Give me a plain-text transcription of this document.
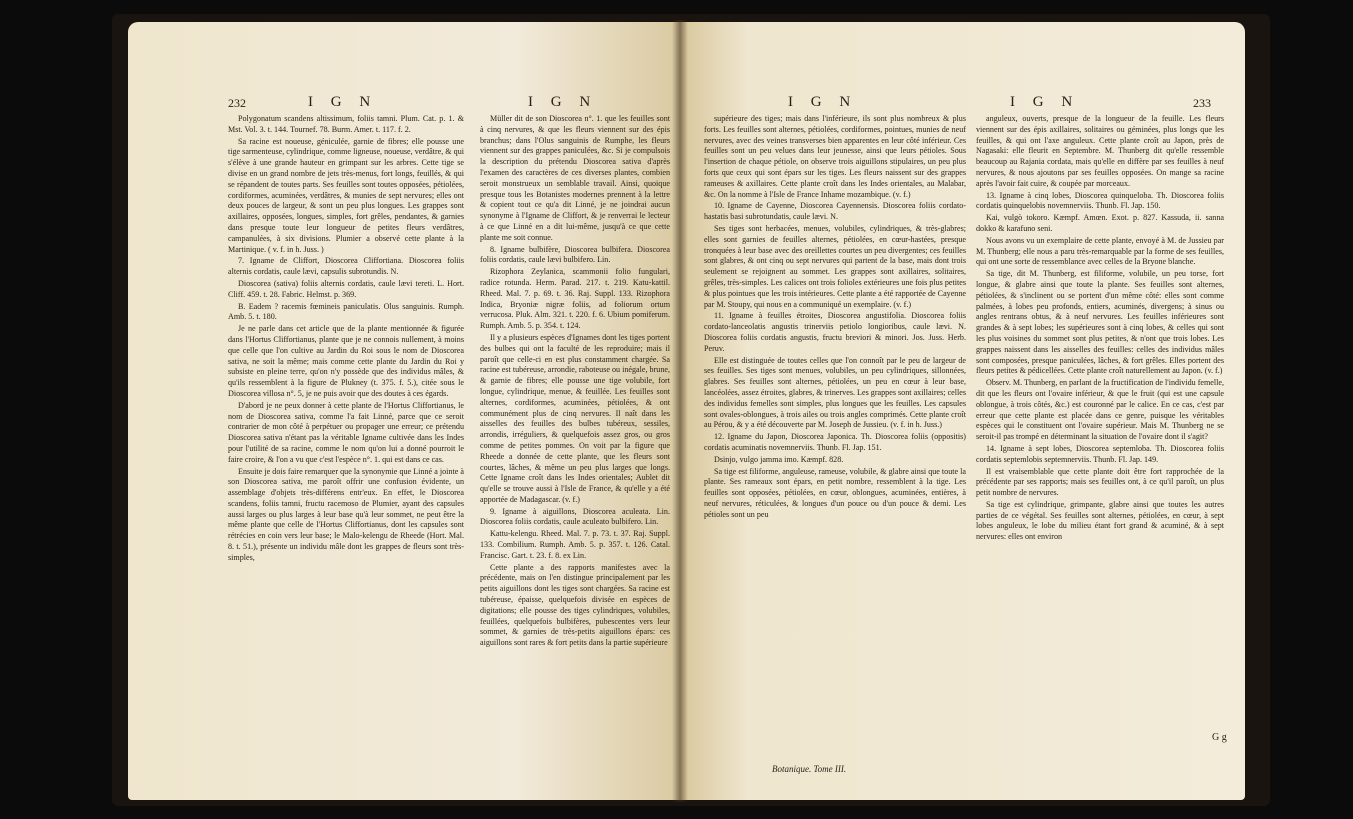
232	I G N	I G N

Polygonatum scandens altissimum, foliis tamni. Plum. Cat. p. 1. & Mst. Vol. 3. t. 144. Tournef. 78. Burm. Amer. t. 117. f. 2.

Sa racine est noueuse, géniculée, garnie de fibres; elle pousse une tige sarmenteuse, cylindrique, comme ligneuse, noueuse, verdâtre, & qui s'élève à une grande hauteur en grimpant sur les arbres. Cette tige se divise en un grand nombre de jets très-menus, fort longs, feuillés, & qui se répandent de toutes parts. Ses feuilles sont toutes opposées, pétiolées, cordiformes, acuminées, verdâtres, & munies de sept nervures; elles ont deux pouces de largeur, & sont un peu plus longues. Les grappes sont axillaires, opposées, longues, simples, fort grêles, pendantes, & garnies dans presque toute leur longueur de petites fleurs verdâtres, campanulées, à six divisions. Plumier a observé cette plante à la Martinique. ( v. f. in h. Juss. )

7. Igname de Cliffort, Dioscorea Cliffortiana. Dioscorea foliis alternis cordatis, caule lævi, capsulis subrotundis. N.

Dioscorea (sativa) foliis alternis cordatis, caule lævi tereti. L. Hort. Cliff. 459. t. 28. Fabric. Helmst. p. 369.

B. Eadem ? racemis fœmineis paniculatis. Olus sanguinis. Rumph. Amb. 5. t. 180.

Je ne parle dans cet article que de la plante mentionnée & figurée dans l'Hortus Cliffortianus, plante que je ne connois nullement, à moins que celle que l'on cultive au Jardin du Roi sous le nom de Dioscorea sativa, ne soit la même; mais comme cette plante du Jardin du Roi y subsiste en pleine terre, qu'on n'y possède que des individus mâles, & qu'ils ressemblent à la figure de Plukney (t. 375. f. 5.), citée sous le Dioscorea villosa n°. 5, je ne puis avoir que des doutes à ces égards.

D'abord je ne peux donner à cette plante de l'Hortus Cliffortianus, le nom de Dioscorea sativa, comme l'a fait Linné, parce que ce seroit contrarier de mon côté à perpétuer ou propager une erreur; ce prétendu Dioscorea sativa n'étant pas la véritable Igname cultivée dans les Indes pour l'utilité de sa racine, comme le nom qu'on lui a donné pourroit le faire croire, & l'on a vu que c'est l'espèce n°. 1. qui est dans ce cas.

Ensuite je dois faire remarquer que la synonymie que Linné a jointe à son Dioscorea sativa, me paroît offrir une confusion évidente, un assemblage d'objets très-différens entr'eux. En effet, le Dioscorea scandens, foliis tamni, fructu racemoso de Plumier, ayant des capsules aussi larges ou plus larges à leur base qu'à leur sommet, ne peut être la même plante que celle de l'Hortus Cliffortianus, dont les capsules sont rétrécies en coin vers leur base; le Malo-kelengu de Rheede (Hort. Mal. 8. t. 51.), présente un individu mâle dont les grappes de fleurs sont très-simples,

Müller dit de son Dioscorea n°. 1. que les feuilles sont à cinq nervures, & que les fleurs viennent sur des épis branchus; dans l'Olus sanguinis de Rumphe, les fleurs viennent sur des grappes paniculées, &c. Si je compulsois la description du prétendu Dioscorea sativa d'après l'examen des caractères de ces diverses plantes, combien seroit monstrueux un semblable travail. Ainsi, quoique presque tous les Botanistes modernes prennent à la lettre & copient tout ce qu'a dit Linné, je ne joindrai aucun synonyme à l'Igname de Cliffort, & je renverrai le lecteur à ce que Linné en a dit lui-même, jusqu'à ce que cette plante me soit connue.

8. Igname bulbifère, Dioscorea bulbifera. Dioscorea foliis cordatis, caule lævi bulbifero. Lin.

Rizophora Zeylanica, scammonii folio fungulari, radice rotunda. Herm. Parad. 217. t. 219. Katu-kattil. Rheed. Mal. 7. p. 69. t. 36. Raj. Suppl. 133. Rizophora Indica, Bryoniæ nigræ foliis, ad foliorum ortum verrucosa. Pluk. Alm. 321. t. 220. f. 6. Ubium pomiferum. Rumph. Amb. 5. p. 354. t. 124.

Il y a plusieurs espèces d'Ignames dont les tiges portent des bulbes qui ont la faculté de les reproduire; mais il paroît que celle-ci en est plus constamment chargée. Sa racine est tubéreuse, arrondie, raboteuse ou inégale, brune, & garnie de fibres; elle pousse une tige volubile, fort longue, cylindrique, menue, & feuillée. Les feuilles sont alternes, cordiformes, acuminées, pétiolées, & ont communément plus de cinq nervures. Il naît dans les aisselles des feuilles des bulbes tubéreux, sessiles, arrondis, irréguliers, & quelquefois assez gros, ou gros comme de petites pommes. On voit par la figure que Rheede a donnée de cette plante, que les fleurs sont courtes, lâches, & même un peu plus larges que longs. Cette Igname croît dans les Indes orientales; Aublet dit qu'elle se trouve aussi à l'Isle de France, & qu'elle y a été apportée de Madagascar. (v. f.)

9. Igname à aiguillons, Dioscorea aculeata. Lin. Dioscorea foliis cordatis, caule aculeato bulbifero. Lin.

Kattu-kelengu. Rheed. Mal. 7. p. 73. t. 37. Raj. Suppl. 133. Combilium. Rumph. Amb. 5. p. 357. t. 126. Catal. Francisc. Gart. t. 23. f. 8. ex Lin.

Cette plante a des rapports manifestes avec la précédente, mais on l'en distingue principalement par les petits aiguillons dont les tiges sont chargées. Sa racine est tubéreuse, épaisse, quelquefois divisée en espèces de digitations; elle pousse des tiges cylindriques, volubiles, feuillées, quelquefois bulbifères, pubescentes vers leur sommet, & garnies de très-petits aiguillons épars: ces aiguillons sont rares & fort petits dans la partie supérieure

I G N	I G N	233

supérieure des tiges; mais dans l'inférieure, ils sont plus nombreux & plus forts. Les feuilles sont alternes, pétiolées, cordiformes, pointues, munies de neuf nervures, avec des veines transverses bien apparentes en leur côté inférieur. Ces feuilles sont un peu velues dans leur jeunesse, ainsi que leurs pétioles. Sous l'insertion de chaque pétiole, on observe trois aiguillons stipulaires, un peu plus forts que ceux qui sont épars sur les tiges. Les fleurs naissent sur des grappes rameuses & axillaires. Cette plante croît dans les Indes orientales, au Malabar, &c. On la nomme à l'Isle de France Inhame mozambique. (v. f.)

10. Igname de Cayenne, Dioscorea Cayennensis. Dioscorea foliis cordato-hastatis basi subrotundatis, caule lævi. N.

Ses tiges sont herbacées, menues, volubiles, cylindriques, & très-glabres; elles sont garnies de feuilles alternes, pétiolées, en cœur-hastées, presque tronquées à leur base avec des oreillettes courtes un peu divergentes; ces feuilles sont glabres, & ont cinq ou sept nervures qui partent de la base, mais dont trois seulement se rejoignent au sommet. Les grappes sont axillaires, solitaires, grêles, très-simples. Les calices ont trois folioles extérieures une fois plus petites & plus pointues que les trois intérieures. Cette plante a été rapportée de Cayenne par M. Stoupy, qui nous en a communiqué un exemplaire. (v. f.)

11. Igname à feuilles étroites, Dioscorea angustifolia. Dioscorea foliis cordato-lanceolatis angustis trinerviis petiolo longioribus, caule lævi. N. Dioscorea foliis cordatis angustis, fructu breviori & minori. Jos. Juss. Herb. Peruv.

Elle est distinguée de toutes celles que l'on connoît par le peu de largeur de ses feuilles. Ses tiges sont menues, volubiles, un peu cylindriques, sillonnées, glabres. Ses feuilles sont alternes, pétiolées, un peu en cœur à leur base, lancéolées, assez étroites, glabres, & trinerves. Les grappes sont axillaires; celles des individus femelles sont simples, plus longues que les feuilles. Les capsules sont ovales-oblongues, à trois ailes ou trois angles comprimés. Cette plante croît au Pérou, & y a été découverte par M. Joseph de Jussieu. (v. f. in h. Juss.)

12. Igname du Japon, Dioscorea Japonica. Th. Dioscorea foliis (oppositis) cordatis acuminatis novemnerviis. Thunb. Fl. Jap. 151.

Dsinjo, vulgo jamma imo. Kæmpf. 828.

Sa tige est filiforme, anguleuse, rameuse, volubile, & glabre ainsi que toute la plante. Ses rameaux sont épars, en petit nombre, ressemblent à la tige. Les feuilles sont opposées, pétiolées, en cœur, oblongues, acuminées, entières, à neuf nervures, réticulées, & longues d'un pouce ou d'un pouce & demi. Les pétioles sont un peu

anguleux, ouverts, presque de la longueur de la feuille. Les fleurs viennent sur des épis axillaires, solitaires ou géminées, plus longs que les feuilles, & qui ont l'axe anguleux. Cette plante croît au Japon, près de Nagasaki: elle fleurit en Septembre. M. Thunberg dit qu'elle ressemble beaucoup au Rajania cordata, mais qu'elle en diffère par ses feuilles à neuf nervures, & nous ajoutons par ses feuilles opposées. On mange sa racine après l'avoir fait cuire, & coupée par morceaux.

13. Igname à cinq lobes, Dioscorea quinqueloba. Th. Dioscorea foliis cordatis quinquelobis novemnerviis. Thunb. Fl. Jap. 150.

Kai, vulgò tokoro. Kæmpf. Amœn. Exot. p. 827. Kassuda, ii. sanna dokko & karafuno seni.

Nous avons vu un exemplaire de cette plante, envoyé à M. de Jussieu par M. Thunberg; elle nous a paru très-remarquable par la forme de ses feuilles, qui ont une sorte de ressemblance avec celles de la Bryone blanche.

Sa tige, dit M. Thunberg, est filiforme, volubile, un peu torse, fort longue, & glabre ainsi que toute la plante. Ses feuilles sont alternes, pétiolées, & s'inclinent ou se portent d'un même côté: elles sont comme palmées, à lobes peu profonds, entiers, acuminés, divergens; à sinus ou angles rentrans obtus, & à neuf nervures. Les feuilles inférieures sont grandes & à sept lobes; les supérieures sont à cinq lobes, & celles qui sont les plus voisines du sommet sont plus petites, & n'ont que trois lobes. Les grappes naissent dans les aisselles des feuilles: celles des individus mâles sont composées, presque paniculées, lâches, & fort grêles. Elles portent des fleurs petites & pédicellées. Cette plante croît naturellement au Japon. (v. f.)

Observ. M. Thunberg, en parlant de la fructification de l'individu femelle, dit que les fleurs ont l'ovaire inférieur, & que le fruit (qui est une capsule oblongue, à trois côtés, &c.) est couronné par le calice. En ce cas, c'est par erreur que cette plante est placée dans ce genre, puisque les véritables espèces qui le constituent ont l'ovaire supérieur. Mais M. Thunberg ne se seroit-il pas trompé en déterminant la situation de l'ovaire dont il s'agit?

14. Igname à sept lobes, Dioscorea septemloba. Th. Dioscorea foliis cordatis septemlobis septemnerviis. Thunb. Fl. Jap. 149.

Il est vraisemblable que cette plante doit être fort rapprochée de la précédente par ses rapports; mais ses feuilles ont, à ce qu'il paroît, un plus petit nombre de nervures.

Sa tige est cylindrique, grimpante, glabre ainsi que toutes les autres parties de ce végétal. Ses feuilles sont alternes, pétiolées, en cœur, à sept lobes anguleux, le lobe du milieu étant fort grand & acuminé, & à sept nervures: elles ont environ

Botanique. Tome III.
G g
